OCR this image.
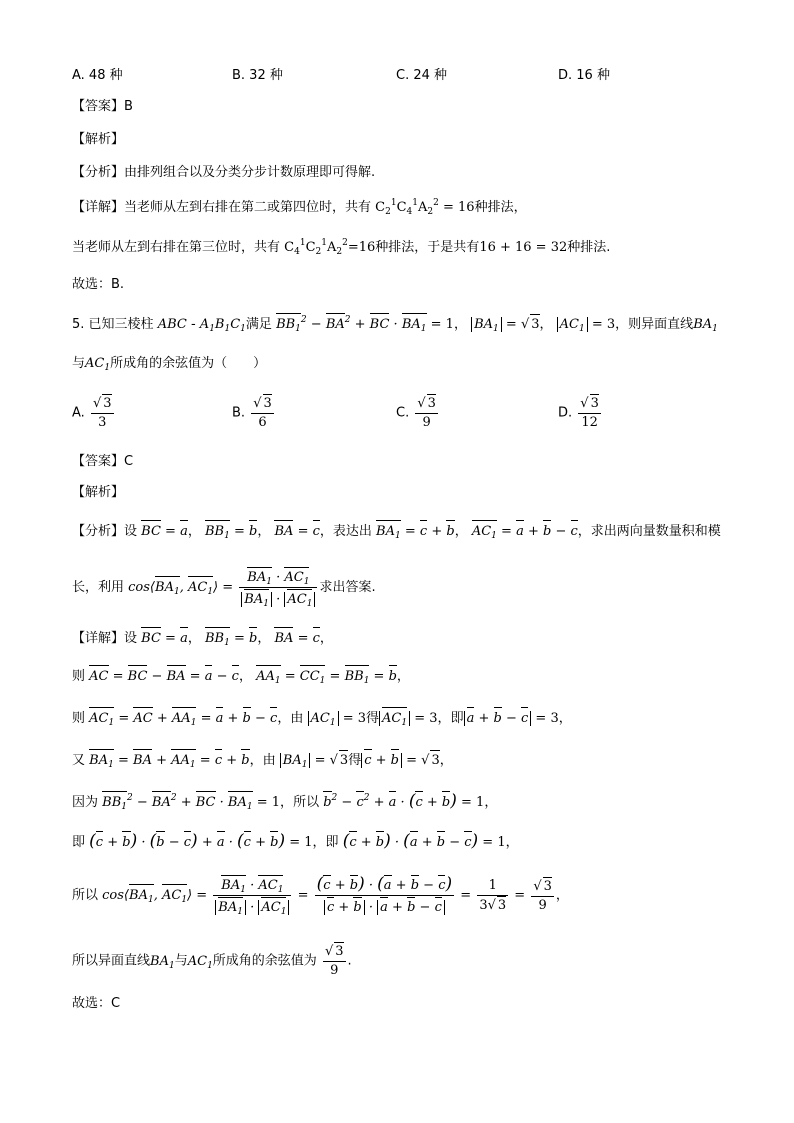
A. 48 种	B. 32 种	C. 24 种	D. 16 种
【答案】B
【解析】
【分析】由排列组合以及分类分步计数原理即可得解.
【详解】当老师从左到右排在第二或第四位时，共有 $C_2^1C_4^1A_2^2 = 16$种排法，
当老师从左到右排在第三位时，共有 $C_4^1C_2^1A_2^2=16$种排法，于是共有16 + 16 = 32种排法.
故选：B.
5. 已知三棱柱 ABC - $A_1B_1C_1$满足 $BB_1^2 - BA^2$ + BC · $BA_1 = 1$， $BA_1$ = √ 3， $AC_1 = 3$，则异面直线$BA_1$
与$AC_1$所成角的余弦值为（　　）
A. $\frac{√ 3}{3}$	B. $\frac{√ 3}{6}$	C. $\frac{√ 3}{9}$	D. $\frac{√ 3}{12}$
【答案】C
【解析】
【分析】设 BC = a， $BB_1 = b$， BA = c，表达出 $BA_1 = c + b$， $AC_1 = a + b - c$，求出两向量数量积和模
长，利用 $\cos⟨BA_1$, $AC_1⟩ = \frac{BA_1 \cdot AC_1}{BA_1 \cdot AC_1}$ 求出答案.
【详解】设 BC = a， $BB_1 = b$， BA = c，
则 AC = BC − BA = a − c， $AA_1 = CC_1 = BB_1 = b$，
则 $AC_1$ = AC + $AA_1 = a + b - c$，由 $AC_1 = 3$得 $AC_1 = 3$，即 a + b − c = 3，
又 $BA_1$ = BA + $AA_1 = c + b$，由 $BA_1$ = √ 3得 c + b = √ 3，
因为 $BB_1^2 - BA^2$ + BC · $BA_1 = 1$，所以 $b^2 - c^2 + a \cdot (c + b) = 1$，
即 (c + b) · (b − c) + a · (c + b) = 1，即 (c + b) · (a + b − c) = 1，
所以 $\cos⟨BA_1$, $AC_1⟩ = \frac{BA_1 \cdot AC_1}{BA_1 \cdot AC_1} = \frac{(c + b) \cdot (a + b - c)}{c + b \cdot a + b - c} = \frac{1}{3√ 3} = \frac{√ 3}{9}$ ，
所以异面直线$BA_1$与$AC_1$所成角的余弦值为 $\frac{√ 3}{9}$ .
故选：C
